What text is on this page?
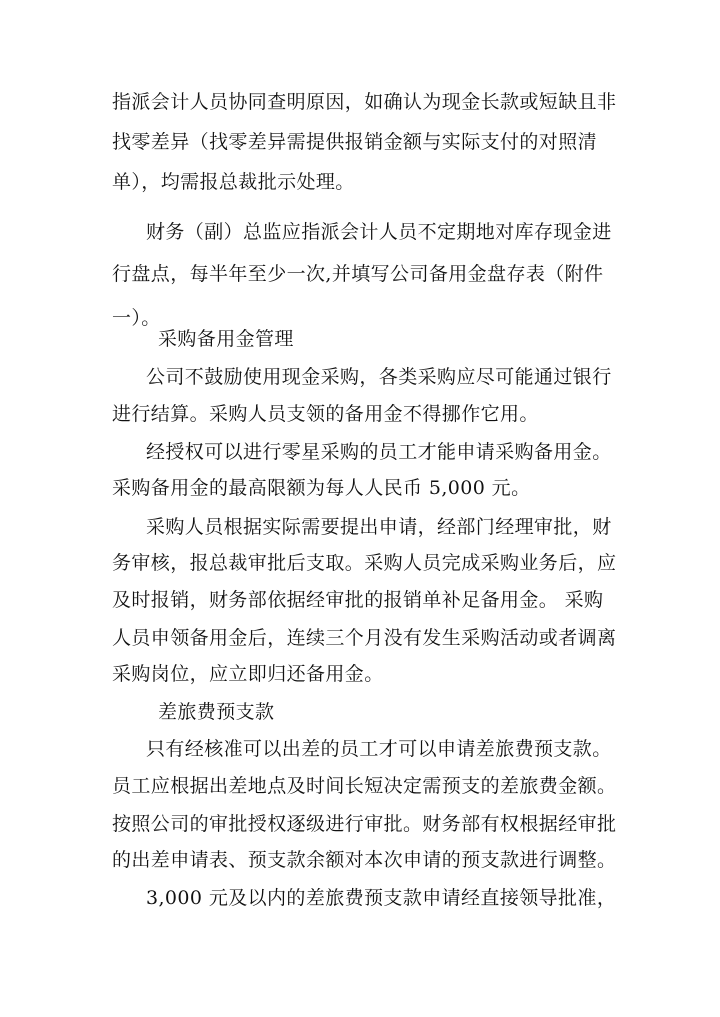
指派会计人员协同查明原因，如确认为现金长款或短缺且非
找零差异（找零差异需提供报销金额与实际支付的对照清
单），均需报总裁批示处理。
财务（副）总监应指派会计人员不定期地对库存现金进
行盘点，每半年至少一次,并填写公司备用金盘存表（附件
一）。
采购备用金管理
公司不鼓励使用现金采购，各类采购应尽可能通过银行
进行结算。采购人员支领的备用金不得挪作它用。
经授权可以进行零星采购的员工才能申请采购备用金。
采购备用金的最高限额为每人人民币 5,000 元。
采购人员根据实际需要提出申请，经部门经理审批，财
务审核，报总裁审批后支取。采购人员完成采购业务后，应
及时报销，财务部依据经审批的报销单补足备用金。 采购
人员申领备用金后，连续三个月没有发生采购活动或者调离
采购岗位，应立即归还备用金。
差旅费预支款
只有经核准可以出差的员工才可以申请差旅费预支款。
员工应根据出差地点及时间长短决定需预支的差旅费金额。
按照公司的审批授权逐级进行审批。财务部有权根据经审批
的出差申请表、预支款余额对本次申请的预支款进行调整。
3,000 元及以内的差旅费预支款申请经直接领导批准，
